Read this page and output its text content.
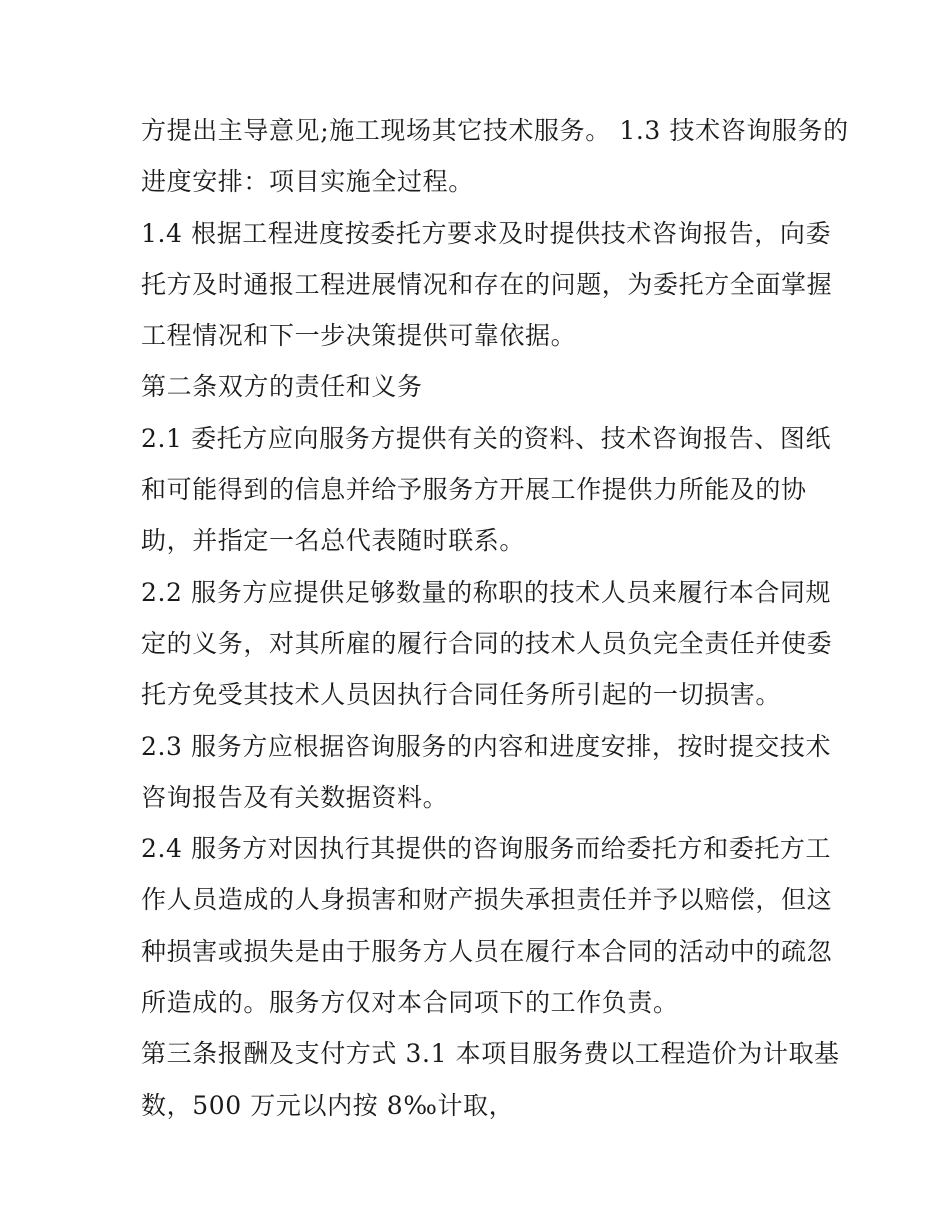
方提出主导意见;施工现场其它技术服务。 1.3 技术咨询服务的
进度安排：项目实施全过程。
1.4 根据工程进度按委托方要求及时提供技术咨询报告，向委
托方及时通报工程进展情况和存在的问题，为委托方全面掌握
工程情况和下一步决策提供可靠依据。
第二条双方的责任和义务
2.1 委托方应向服务方提供有关的资料、技术咨询报告、图纸
和可能得到的信息并给予服务方开展工作提供力所能及的协
助，并指定一名总代表随时联系。
2.2 服务方应提供足够数量的称职的技术人员来履行本合同规
定的义务，对其所雇的履行合同的技术人员负完全责任并使委
托方免受其技术人员因执行合同任务所引起的一切损害。
2.3 服务方应根据咨询服务的内容和进度安排，按时提交技术
咨询报告及有关数据资料。
2.4 服务方对因执行其提供的咨询服务而给委托方和委托方工
作人员造成的人身损害和财产损失承担责任并予以赔偿，但这
种损害或损失是由于服务方人员在履行本合同的活动中的疏忽
所造成的。服务方仅对本合同项下的工作负责。
第三条报酬及支付方式 3.1 本项目服务费以工程造价为计取基
数，500 万元以内按 8‰计取，
